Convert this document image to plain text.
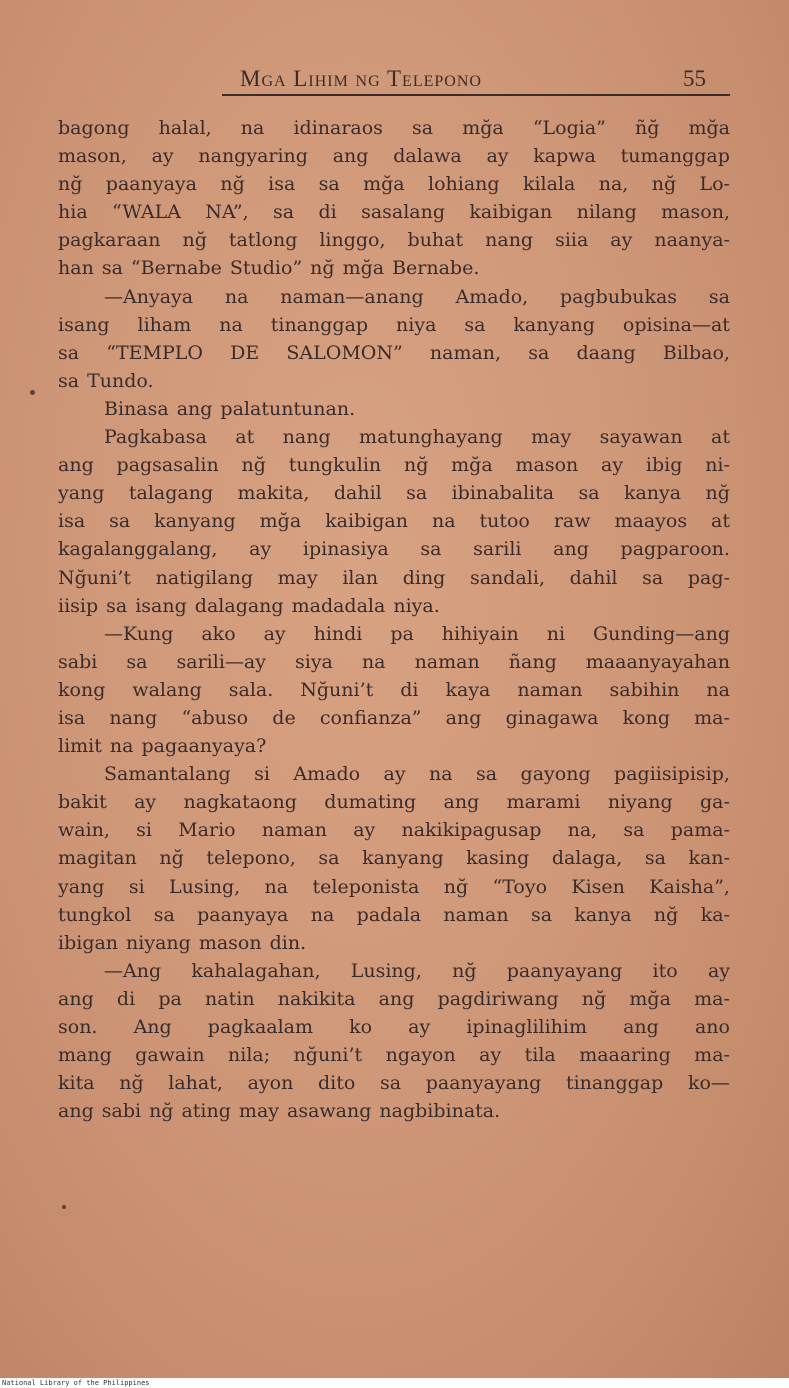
Mga Lihim ng Telepono	55
bagong halal, na idinaraos sa mğa “Logia” ñğ mğa
mason, ay nangyaring ang dalawa ay kapwa tumanggap
nğ paanyaya nğ isa sa mğa lohiang kilala na, nğ Lo-
hia “WALA NA”, sa di sasalang kaibigan nilang mason,
pagkaraan nğ tatlong linggo, buhat nang siia ay naanya-
han sa “Bernabe Studio” nğ mğa Bernabe.
—Anyaya na naman—anang Amado, pagbubukas sa
isang liham na tinanggap niya sa kanyang opisina—at
sa “TEMPLO DE SALOMON” naman, sa daang Bilbao,
sa Tundo.
Binasa ang palatuntunan.
Pagkabasa at nang matunghayang may sayawan at
ang pagsasalin nğ tungkulin nğ mğa mason ay ibig ni-
yang talagang makita, dahil sa ibinabalita sa kanya nğ
isa sa kanyang mğa kaibigan na tutoo raw maayos at
kagalanggalang, ay ipinasiya sa sarili ang pagparoon.
Nğuni’t natigilang may ilan ding sandali, dahil sa pag-
iisip sa isang dalagang madadala niya.
—Kung ako ay hindi pa hihiyain ni Gunding—ang
sabi sa sarili—ay siya na naman ñang maaanyayahan
kong walang sala. Nğuni’t di kaya naman sabihin na
isa nang “abuso de confianza” ang ginagawa kong ma-
limit na pagaanyaya?
Samantalang si Amado ay na sa gayong pagiisipisip,
bakit ay nagkataong dumating ang marami niyang ga-
wain, si Mario naman ay nakikipagusap na, sa pama-
magitan nğ telepono, sa kanyang kasing dalaga, sa kan-
yang si Lusing, na teleponista nğ “Toyo Kisen Kaisha”,
tungkol sa paanyaya na padala naman sa kanya nğ ka-
ibigan niyang mason din.
—Ang kahalagahan, Lusing, nğ paanyayang ito ay
ang di pa natin nakikita ang pagdiriwang nğ mğa ma-
son. Ang pagkaalam ko ay ipinaglilihim ang ano
mang gawain nila; nğuni’t ngayon ay tila maaaring ma-
kita nğ lahat, ayon dito sa paanyayang tinanggap ko—
ang sabi nğ ating may asawang nagbibinata.
National Library of the Philippines
